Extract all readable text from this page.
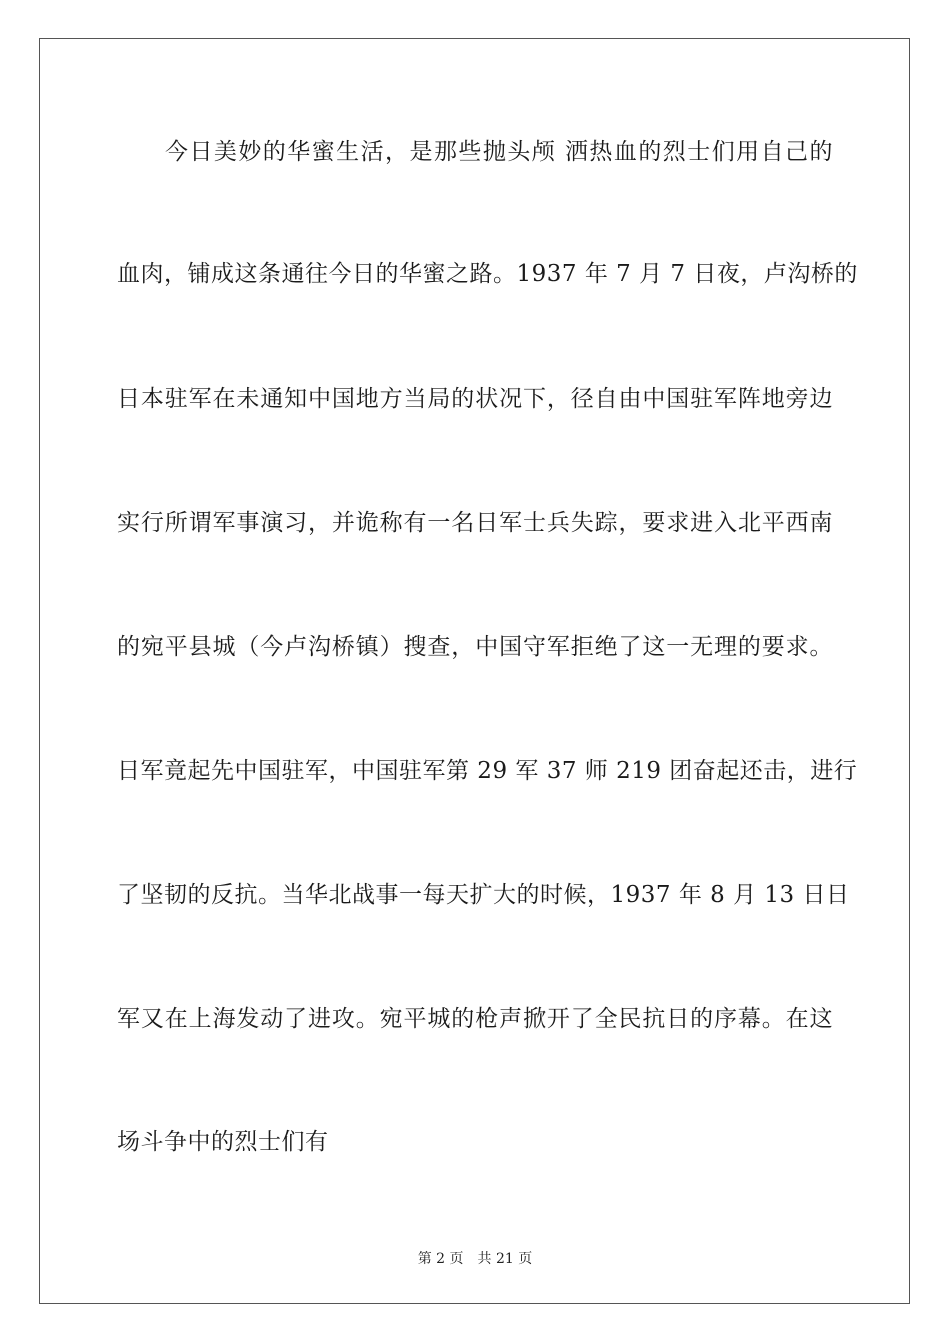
今日美妙的华蜜生活，是那些抛头颅 洒热血的烈士们用自己的
血肉，铺成这条通往今日的华蜜之路。1937 年 7 月 7 日夜，卢沟桥的
日本驻军在未通知中国地方当局的状况下，径自由中国驻军阵地旁边
实行所谓军事演习，并诡称有一名日军士兵失踪，要求进入北平西南
的宛平县城（今卢沟桥镇）搜查，中国守军拒绝了这一无理的要求。
日军竟起先中国驻军，中国驻军第 29 军 37 师 219 团奋起还击，进行
了坚韧的反抗。当华北战事一每天扩大的时候，1937 年 8 月 13 日日
军又在上海发动了进攻。宛平城的枪声掀开了全民抗日的序幕。在这
场斗争中的烈士们有
第 2 页 共 21 页
